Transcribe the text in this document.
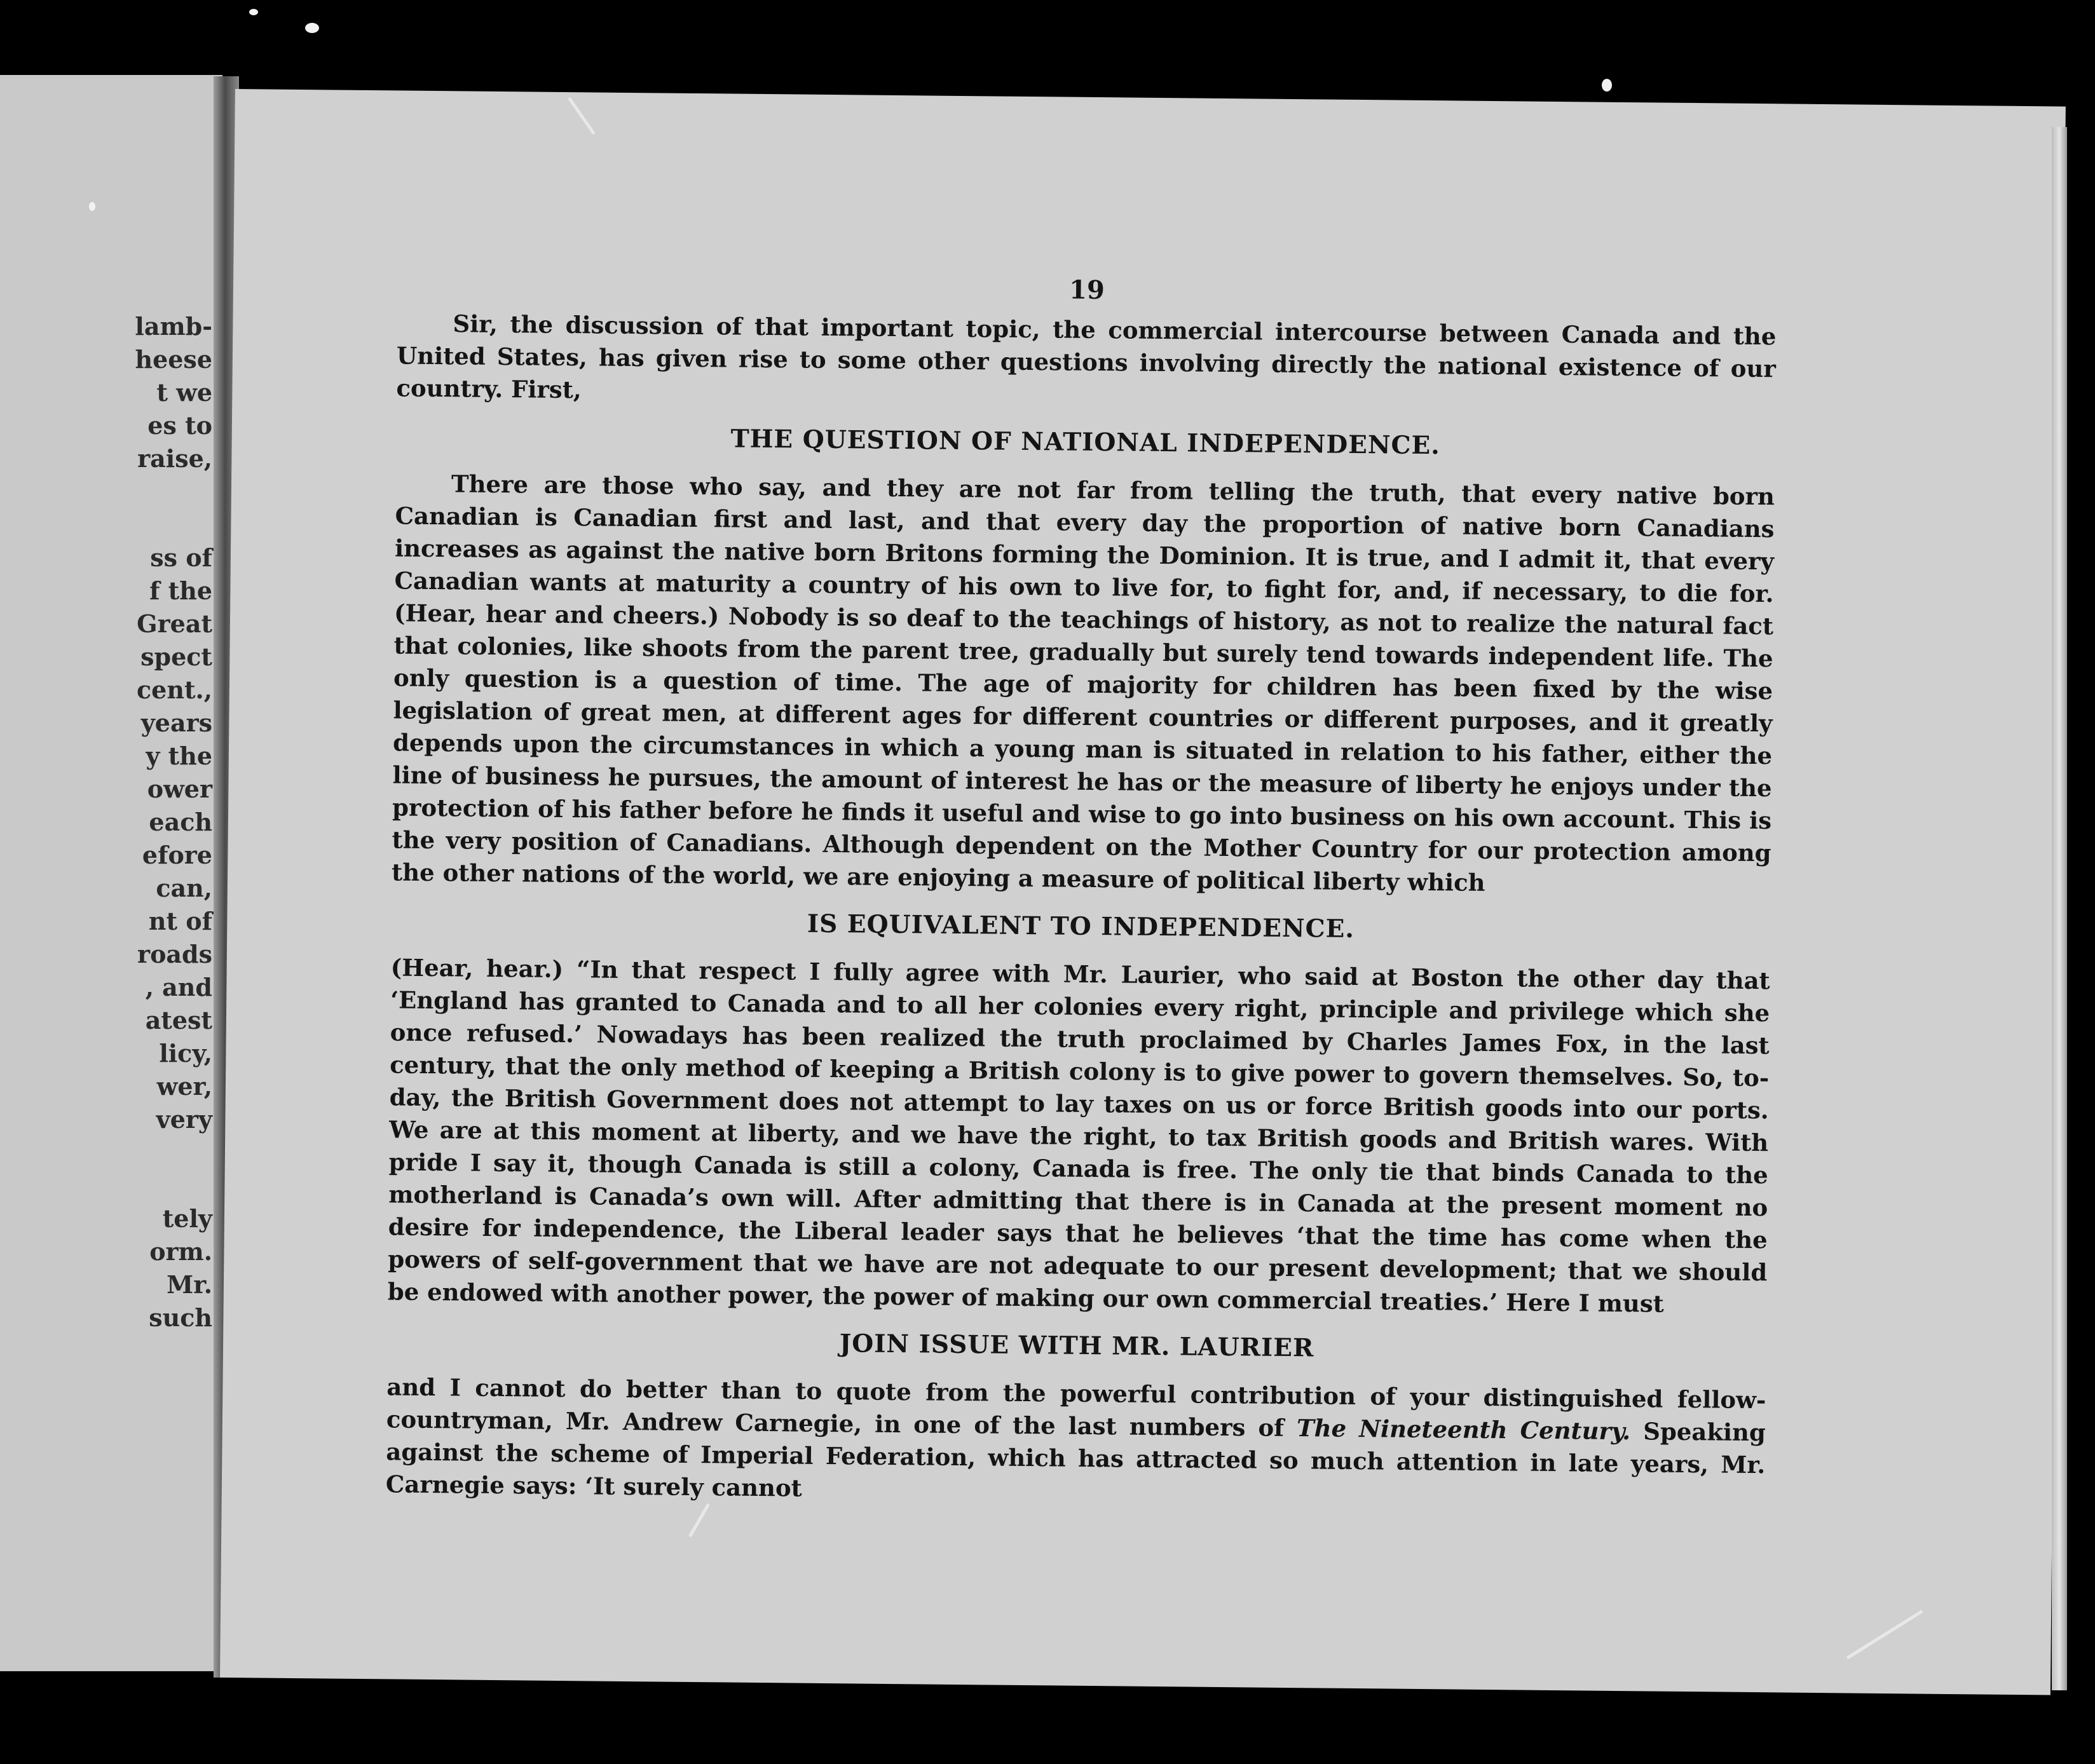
lamb-
heese
t we
es to
raise,
ss of
f the
Great
spect
cent.,
years
y the
ower
each
efore
can,
nt of
roads
, and
atest
licy,
wer,
very
tely
orm.
Mr.
such
19

Sir, the discussion of that important topic, the commercial intercourse between Canada and the United States, has given rise to some other questions involving directly the national existence of our country. First,

THE QUESTION OF NATIONAL INDEPENDENCE.

There are those who say, and they are not far from telling the truth, that every native born Canadian is Canadian first and last, and that every day the proportion of native born Canadians increases as against the native born Britons forming the Dominion. It is true, and I admit it, that every Canadian wants at maturity a country of his own to live for, to fight for, and, if necessary, to die for. (Hear, hear and cheers.) Nobody is so deaf to the teachings of history, as not to realize the natural fact that colonies, like shoots from the parent tree, gradually but surely tend towards independent life. The only question is a question of time. The age of majority for children has been fixed by the wise legislation of great men, at different ages for different countries or different purposes, and it greatly depends upon the circumstances in which a young man is situated in relation to his father, either the line of business he pursues, the amount of interest he has or the measure of liberty he enjoys under the protection of his father before he finds it useful and wise to go into business on his own account. This is the very position of Canadians. Although dependent on the Mother Country for our protection among the other nations of the world, we are enjoying a measure of political liberty which

IS EQUIVALENT TO INDEPENDENCE.

(Hear, hear.) “In that respect I fully agree with Mr. Laurier, who said at Boston the other day that ‘England has granted to Canada and to all her colonies every right, principle and privilege which she once refused.’ Nowadays has been realized the truth proclaimed by Charles James Fox, in the last century, that the only method of keeping a British colony is to give power to govern themselves. So, to-day, the British Government does not attempt to lay taxes on us or force British goods into our ports. We are at this moment at liberty, and we have the right, to tax British goods and British wares. With pride I say it, though Canada is still a colony, Canada is free. The only tie that binds Canada to the motherland is Canada’s own will. After admitting that there is in Canada at the present moment no desire for independence, the Liberal leader says that he believes ‘that the time has come when the powers of self-government that we have are not adequate to our present development; that we should be endowed with another power, the power of making our own commercial treaties.’ Here I must

JOIN ISSUE WITH MR. LAURIER

and I cannot do better than to quote from the powerful contribution of your distinguished fellow-countryman, Mr. Andrew Carnegie, in one of the last numbers of The Nineteenth Century. Speaking against the scheme of Imperial Federation, which has attracted so much attention in late years, Mr. Carnegie says: ‘It surely cannot
